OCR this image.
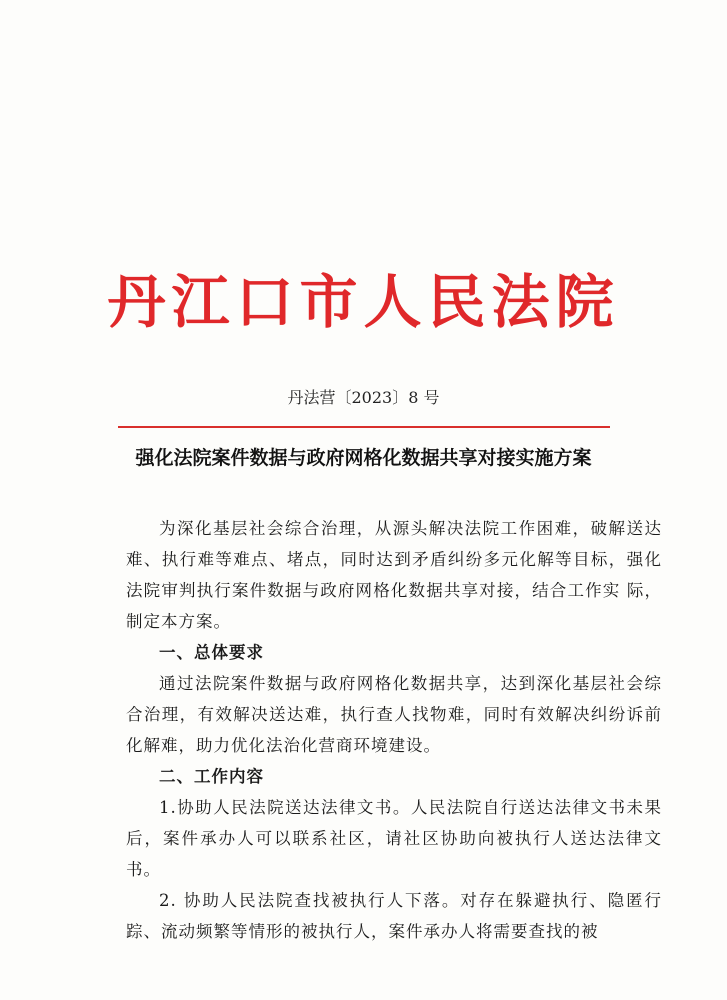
丹江口市人民法院
丹法营〔2023〕8 号
强化法院案件数据与政府网格化数据共享对接实施方案

为深化基层社会综合治理，从源头解决法院工作困难，破解送达难、执行难等难点、堵点，同时达到矛盾纠纷多元化解等目标，强化法院审判执行案件数据与政府网格化数据共享对接，结合工作实 际，制定本方案。

一、总体要求

通过法院案件数据与政府网格化数据共享，达到深化基层社会综合治理，有效解决送达难，执行查人找物难，同时有效解决纠纷诉前化解难，助力优化法治化营商环境建设。

二、工作内容

1.协助人民法院送达法律文书。人民法院自行送达法律文书未果后，案件承办人可以联系社区，请社区协助向被执行人送达法律文书。

2. 协助人民法院查找被执行人下落。对存在躲避执行、隐匿行踪、流动频繁等情形的被执行人，案件承办人将需要查找的被
